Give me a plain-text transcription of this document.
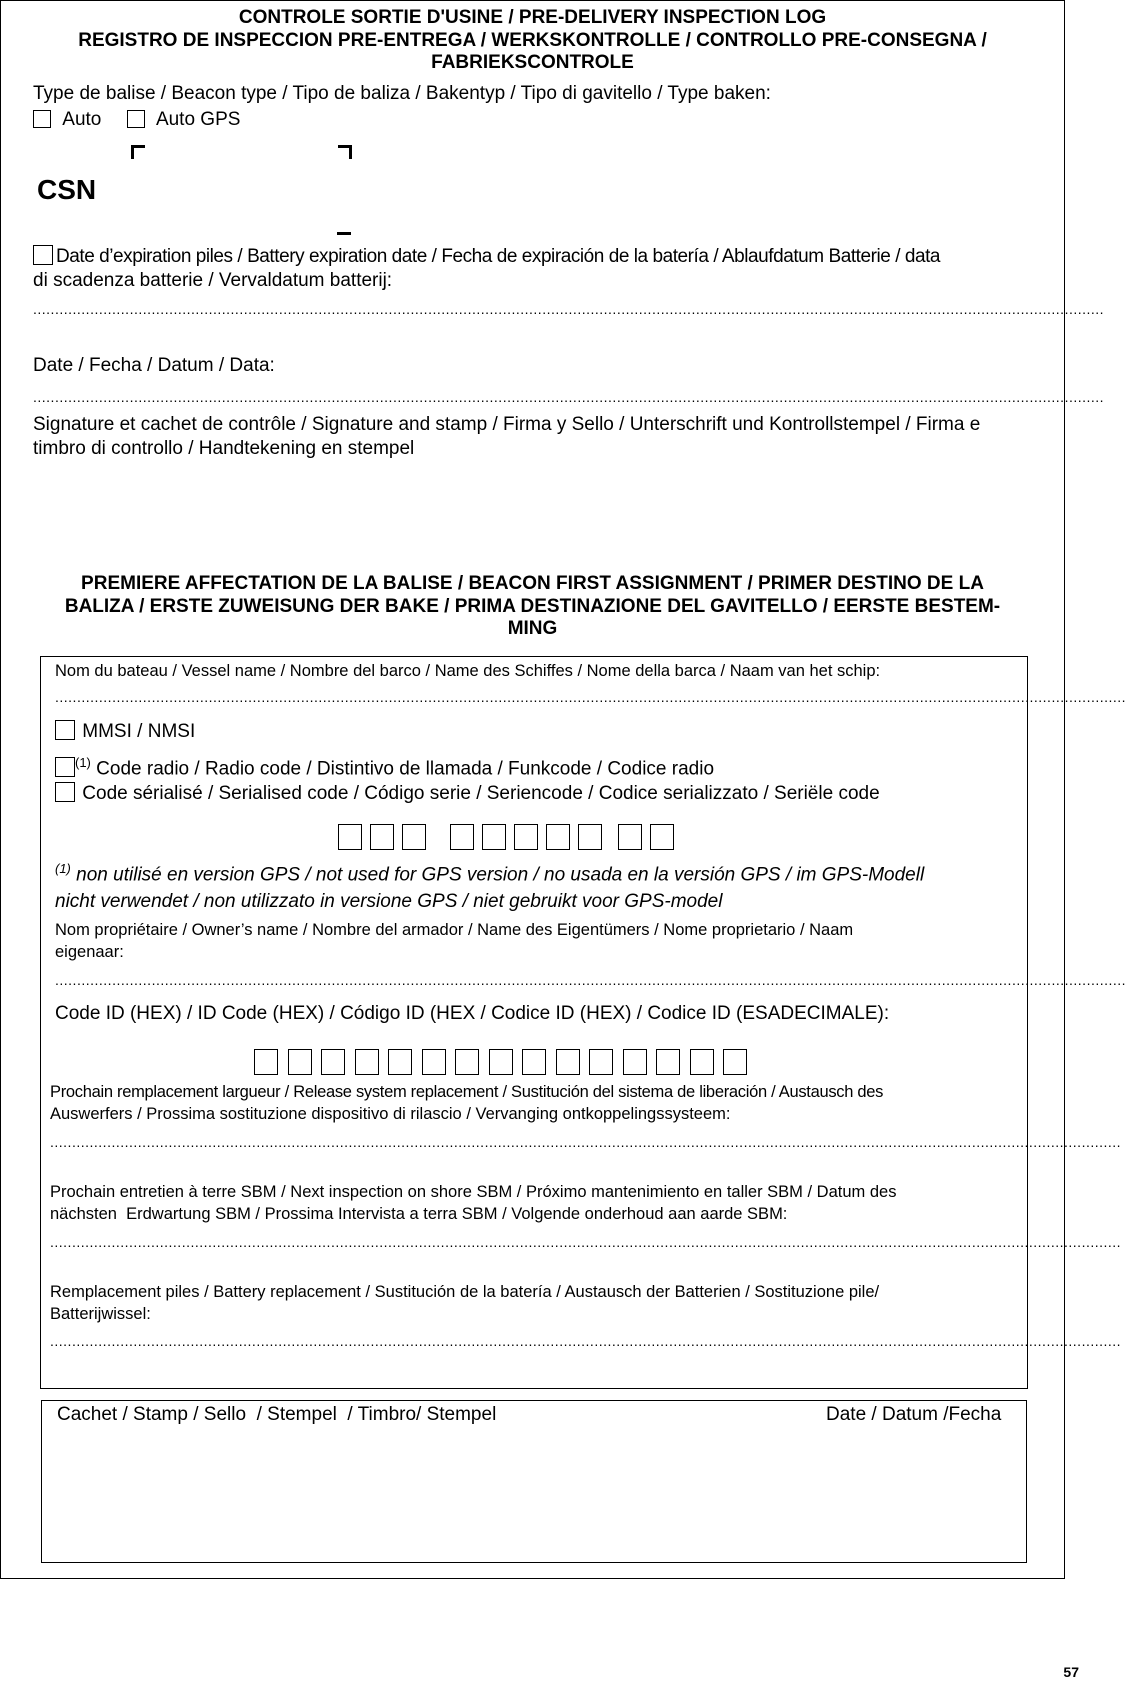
CONTROLE SORTIE D'USINE / PRE-DELIVERY INSPECTION LOG
REGISTRO DE INSPECCION PRE-ENTREGA / WERKSKONTROLLE / CONTROLLO PRE-CONSEGNA /
FABRIEKSCONTROLE
Type de balise / Beacon type / Tipo de baliza / Bakentyp / Tipo di gavitello / Type baken:
Auto	Auto GPS
CSN
Date d’expiration piles / Battery expiration date / Fecha de expiración de la batería / Ablaufdatum Batterie / data
di scadenza batterie / Vervaldatum batterij:
....................................................................................................................................................................................................................................................
Date / Fecha / Datum / Data:
....................................................................................................................................................................................................................................................
Signature et cachet de contrôle / Signature and stamp / Firma y Sello / Unterschrift und Kontrollstempel / Firma e
timbro di controllo / Handtekening en stempel
PREMIERE AFFECTATION DE LA BALISE / BEACON FIRST ASSIGNMENT / PRIMER DESTINO DE LA
BALIZA / ERSTE ZUWEISUNG DER BAKE / PRIMA DESTINAZIONE DEL GAVITELLO / EERSTE BESTEM-
MING
Nom du bateau / Vessel name / Nombre del barco / Name des Schiffes / Nome della barca / Naam van het schip:
....................................................................................................................................................................................................................................................
MMSI / NMSI
$^{(1)}$ Code radio / Radio code / Distintivo de llamada / Funkcode / Codice radio
Code sérialisé / Serialised code / Código serie / Seriencode / Codice serializzato / Seriële code
$^{(1)}$ non utilisé en version GPS / not used for GPS version / no usada en la versión GPS / im GPS-Modell
nicht verwendet / non utilizzato in versione GPS / niet gebruikt voor GPS-model
Nom propriétaire / Owner’s name / Nombre del armador / Name des Eigentümers / Nome proprietario / Naam
eigenaar:
....................................................................................................................................................................................................................................................
Code ID (HEX) / ID Code (HEX) / Código ID (HEX / Codice ID (HEX) / Codice ID (ESADECIMALE):
Prochain remplacement largueur / Release system replacement / Sustitución del sistema de liberación / Austausch des
Auswerfers / Prossima sostituzione dispositivo di rilascio / Vervanging ontkoppelingssysteem:
....................................................................................................................................................................................................................................................
Prochain entretien à terre SBM / Next inspection on shore SBM / Próximo mantenimiento en taller SBM / Datum des
nächsten  Erdwartung SBM / Prossima Intervista a terra SBM / Volgende onderhoud aan aarde SBM:
....................................................................................................................................................................................................................................................
Remplacement piles / Battery replacement / Sustitución de la batería / Austausch der Batterien / Sostituzione pile/
Batterijwissel:
....................................................................................................................................................................................................................................................
Cachet / Stamp / Sello  / Stempel  / Timbro/ Stempel	Date / Datum /Fecha
57
